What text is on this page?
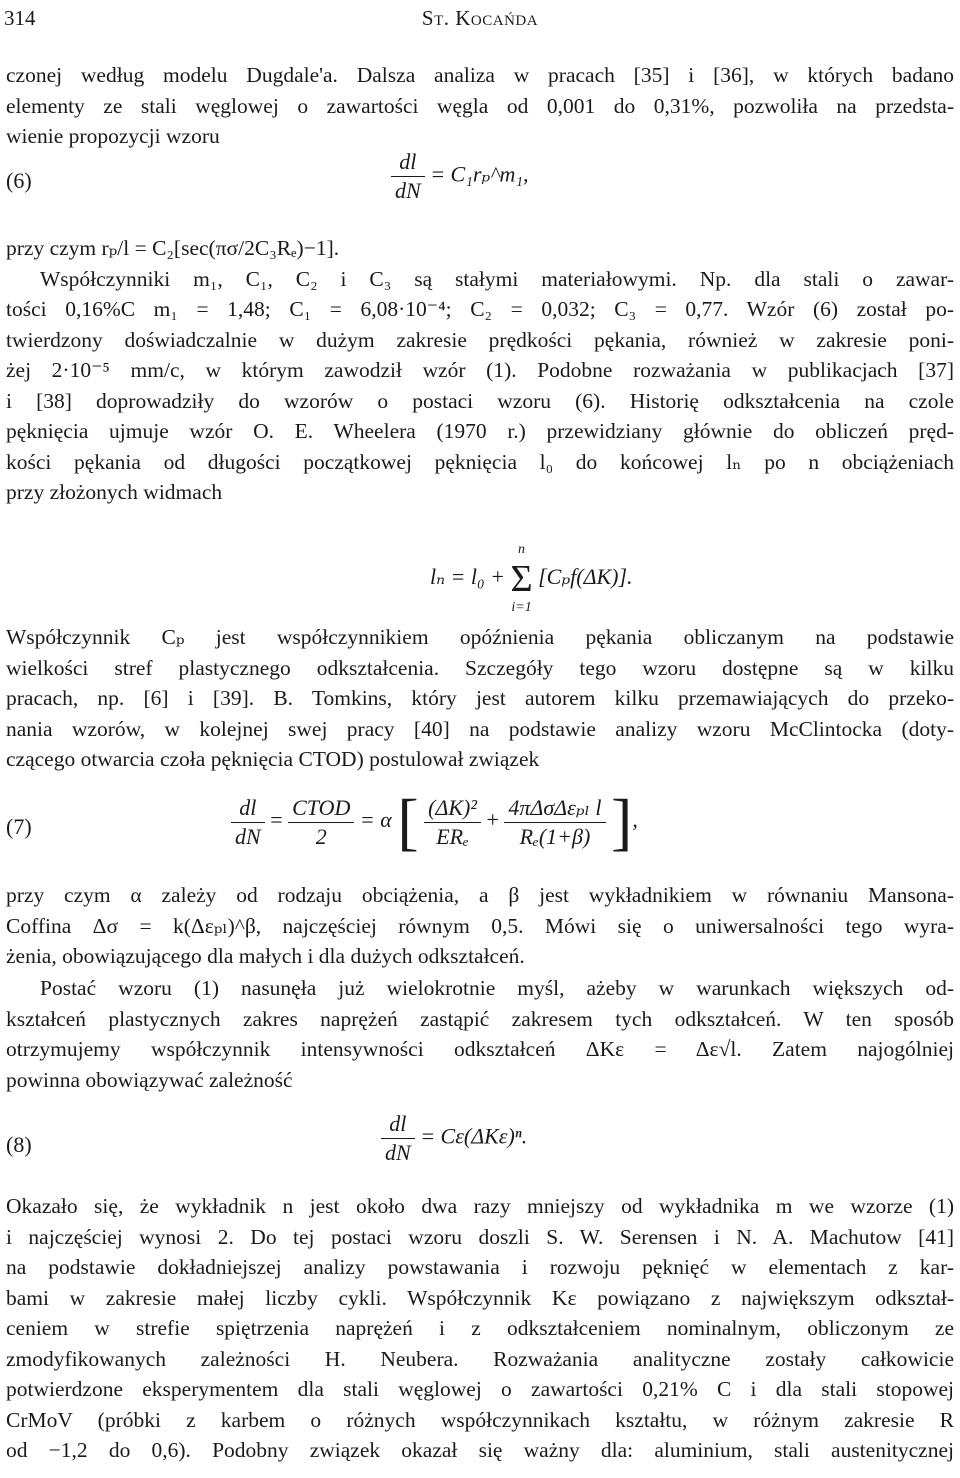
314	St. Kocańda
czonej według modelu Dugdale'a. Dalsza analiza w pracach [35] i [36], w których badano
elementy ze stali węglowej o zawartości węgla od 0,001 do 0,31%, pozwoliła na przedsta-
wienie propozycji wzoru
(6)	$\frac{dl}{dN}$ = C₁rₚ^m₁,
przy czym rₚ/l = C₂[sec(πσ/2C₃Rₑ)−1].
Współczynniki m₁, C₁, C₂ i C₃ są stałymi materiałowymi. Np. dla stali o zawar-
tości 0,16%C m₁ = 1,48; C₁ = 6,08·10⁻⁴; C₂ = 0,032; C₃ = 0,77. Wzór (6) został po-
twierdzony doświadczalnie w dużym zakresie prędkości pękania, również w zakresie poni-
żej 2·10⁻⁵ mm/c, w którym zawodził wzór (1). Podobne rozważania w publikacjach [37]
i [38] doprowadziły do wzorów o postaci wzoru (6). Historię odkształcenia na czole
pęknięcia ujmuje wzór O. E. Wheelera (1970 r.) przewidziany głównie do obliczeń pręd-
kości pękania od długości początkowej pęknięcia l₀ do końcowej lₙ po n obciążeniach
przy złożonych widmach
lₙ = l₀ +
n
Σ
i=1
[Cₚf(ΔK)].
Współczynnik Cₚ jest współczynnikiem opóźnienia pękania obliczanym na podstawie
wielkości stref plastycznego odkształcenia. Szczegóły tego wzoru dostępne są w kilku
pracach, np. [6] i [39]. B. Tomkins, który jest autorem kilku przemawiających do przeko-
nania wzorów, w kolejnej swej pracy [40] na podstawie analizy wzoru McClintocka (doty-
czącego otwarcia czoła pęknięcia CTOD) postulował związek
(7)	$\frac{dl}{dN} = \frac{\text{CTOD}}{2} = \alpha$ [ $\frac{\text{(ΔK)²}}{\text{ERₑ}} + \frac{\text{4πΔσΔεₚₗ l}}{\text{Rₑ(1+β)}}$ ],
przy czym α zależy od rodzaju obciążenia, a β jest wykładnikiem w równaniu Mansona-
Coffina Δσ = k(Δεₚₗ)^β, najczęściej równym 0,5. Mówi się o uniwersalności tego wyra-
żenia, obowiązującego dla małych i dla dużych odkształceń.
Postać wzoru (1) nasunęła już wielokrotnie myśl, ażeby w warunkach większych od-
kształceń plastycznych zakres naprężeń zastąpić zakresem tych odkształceń. W ten sposób
otrzymujemy współczynnik intensywności odkształceń ΔKε = Δε√l. Zatem najogólniej
powinna obowiązywać zależność
(8)	$\frac{dl}{dN} = C\varepsilon(\Delta K\varepsilon)^n$.
Okazało się, że wykładnik n jest około dwa razy mniejszy od wykładnika m we wzorze (1)
i najczęściej wynosi 2. Do tej postaci wzoru doszli S. W. Serensen i N. A. Machutow [41]
na podstawie dokładniejszej analizy powstawania i rozwoju pęknięć w elementach z kar-
bami w zakresie małej liczby cykli. Współczynnik Kε powiązano z największym odkształ-
ceniem w strefie spiętrzenia naprężeń i z odkształceniem nominalnym, obliczonym ze
zmodyfikowanych zależności H. Neubera. Rozważania analityczne zostały całkowicie
potwierdzone eksperymentem dla stali węglowej o zawartości 0,21% C i dla stali stopowej
CrMoV (próbki z karbem o różnych współczynnikach kształtu, w różnym zakresie R
od −1,2 do 0,6). Podobny związek okazał się ważny dla: aluminium, stali austenitycznej
